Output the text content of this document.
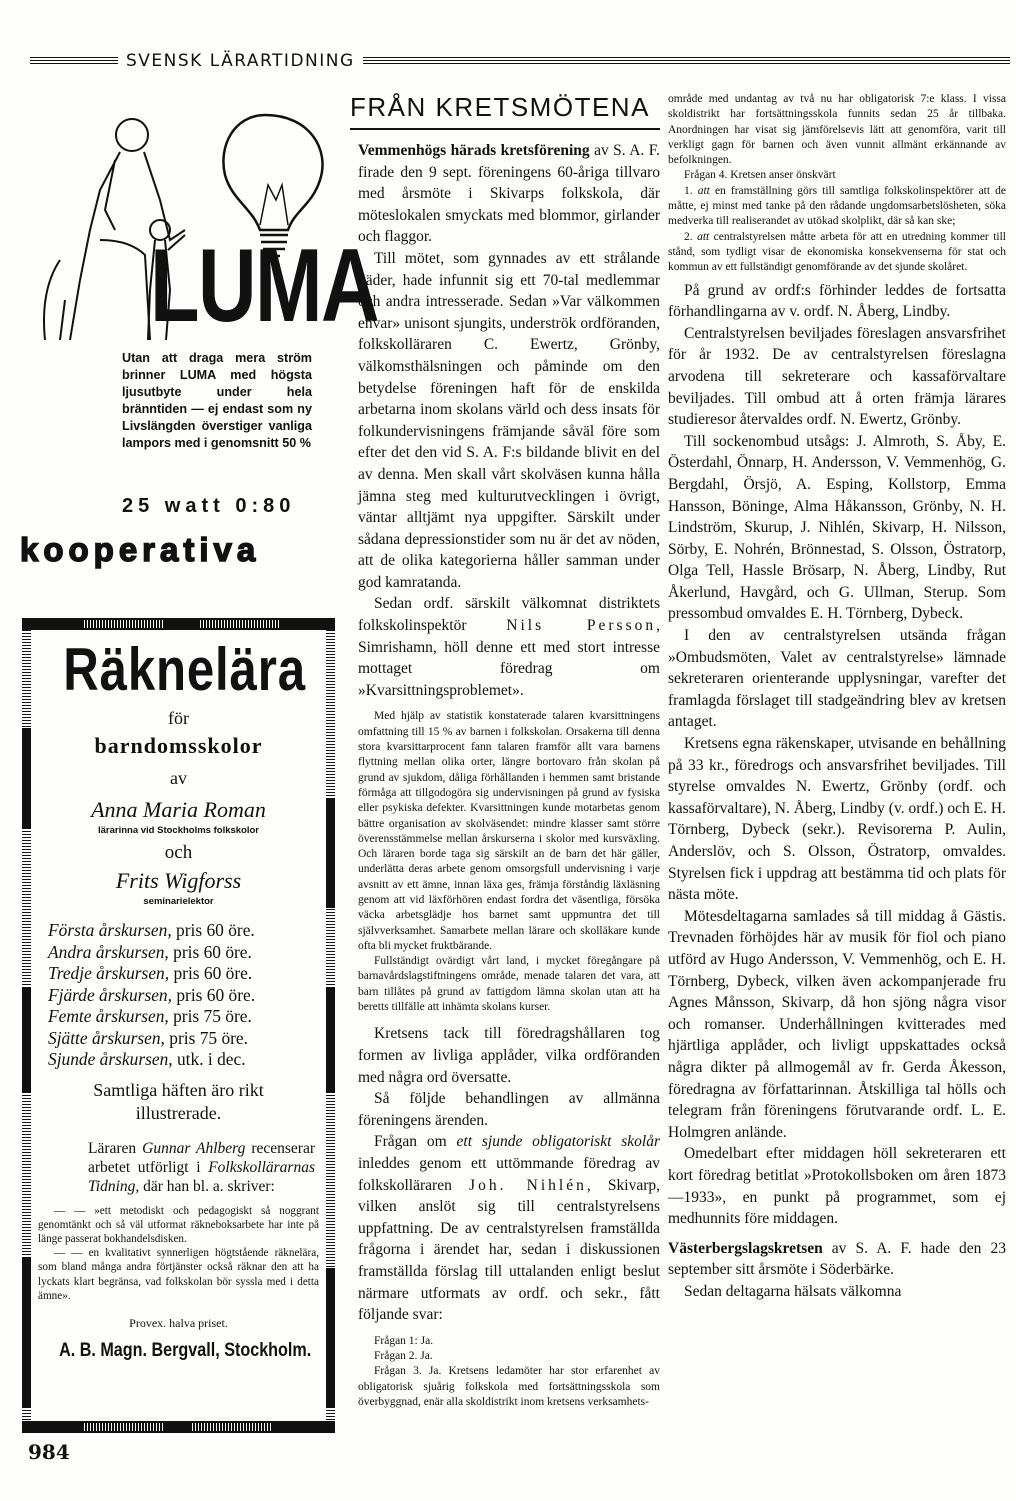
SVENSK LÄRARTIDNING
LUMA
Utan att draga mera ström brinner LUMA med högsta ljusutbyte under hela bränntiden — ej endast som ny Livslängden överstiger vanliga lampors med i genomsnitt 50 %
25 watt 0:80
kooperativa
Räknelära
för
barndomsskolor
av
Anna Maria Roman
lärarinna vid Stockholms folkskolor
och
Frits Wigforss
seminarielektor
Första årskursen, pris 60 öre.
Andra årskursen, pris 60 öre.
Tredje årskursen, pris 60 öre.
Fjärde årskursen, pris 60 öre.
Femte årskursen, pris 75 öre.
Sjätte årskursen, pris 75 öre.
Sjunde årskursen, utk. i dec.
Samtliga häften äro rikt illustrerade.
Läraren Gunnar Ahlberg recenserar arbetet utförligt i Folkskollärarnas Tidning, där han bl. a. skriver:

— — »ett metodiskt och pedagogiskt så noggrant genomtänkt och så väl utformat räkneboksarbete har inte på länge passerat bokhandelsdisken.

— — en kvalitativt synnerligen högtstående räknelära, som bland många andra förtjänster också räknar den att ha lyckats klart begränsa, vad folkskolan bör syssla med i detta ämne».

Provex. halva priset.
A. B. Magn. Bergvall, Stockholm.
984
FRÅN KRETSMÖTENA

Vemmenhögs härads kretsförening av S. A. F. firade den 9 sept. föreningens 60-åriga tillvaro med årsmöte i Skivarps folkskola, där möteslokalen smyckats med blommor, girlander och flaggor.

Till mötet, som gynnades av ett strålande väder, hade infunnit sig ett 70-tal medlemmar och andra intresserade. Sedan »Var välkommen envar» unisont sjungits, underströk ordföranden, folkskolläraren C. Ewertz, Grönby, välkomsthälsningen och påminde om den betydelse föreningen haft för de enskilda arbetarna inom skolans värld och dess insats för folkundervisningens främjande såväl före som efter det den vid S. A. F:s bildande blivit en del av denna. Men skall vårt skolväsen kunna hålla jämna steg med kulturutvecklingen i övrigt, väntar alltjämt nya uppgifter. Särskilt under sådana depressionstider som nu är det av nöden, att de olika kategorierna håller samman under god kamratanda.

Sedan ordf. särskilt välkomnat distriktets folkskolinspektör Nils Persson, Simrishamn, höll denne ett med stort intresse mottaget föredrag om »Kvarsittningsproblemet».

Med hjälp av statistik konstaterade talaren kvarsittningens omfattning till 15 % av barnen i folkskolan. Orsakerna till denna stora kvarsittarprocent fann talaren framför allt vara barnens flyttning mellan olika orter, längre bortovaro från skolan på grund av sjukdom, dåliga förhållanden i hemmen samt bristande förmåga att tillgodogöra sig undervisningen på grund av fysiska eller psykiska defekter. Kvarsittningen kunde motarbetas genom bättre organisation av skolväsendet: mindre klasser samt större överensstämmelse mellan årskurserna i skolor med kursväxling. Och läraren borde taga sig särskilt an de barn det här gäller, underlätta deras arbete genom omsorgsfull undervisning i varje avsnitt av ett ämne, innan läxa ges, främja förståndig läxläsning genom att vid läxförhören endast fordra det väsentliga, försöka väcka arbetsglädje hos barnet samt uppmuntra det till självverksamhet. Samarbete mellan lärare och skolläkare kunde ofta bli mycket fruktbärande.

Fullständigt ovärdigt vårt land, i mycket föregångare på barnavårdslagstiftningens område, menade talaren det vara, att barn tillåtes på grund av fattigdom lämna skolan utan att ha beretts tillfälle att inhämta skolans kurser.

Kretsens tack till föredragshållaren tog formen av livliga applåder, vilka ordföranden med några ord översatte.

Så följde behandlingen av allmänna föreningens ärenden.

Frågan om ett sjunde obligatoriskt skolår inleddes genom ett uttömmande föredrag av folkskolläraren Joh. Nihlén, Skivarp, vilken anslöt sig till centralstyrelsens uppfattning. De av centralstyrelsen framställda frågorna i ärendet har, sedan i diskussionen framställda förslag till uttalanden enligt beslut närmare utformats av ordf. och sekr., fått följande svar:

Frågan 1: Ja.

Frågan 2. Ja.

Frågan 3. Ja. Kretsens ledamöter har stor erfarenhet av obligatorisk sjuårig folkskola med fortsättningsskola som överbyggnad, enär alla skoldistrikt inom kretsens verksamhets-

område med undantag av två nu har obligatorisk 7:e klass. I vissa skoldistrikt har fortsättningsskola funnits sedan 25 år tillbaka. Anordningen har visat sig jämförelsevis lätt att genomföra, varit till verkligt gagn för barnen och även vunnit allmänt erkännande av befolkningen.

Frågan 4. Kretsen anser önskvärt

1. att en framställning görs till samtliga folkskolinspektörer att de måtte, ej minst med tanke på den rådande ungdomsarbetslösheten, söka medverka till realiserandet av utökad skolplikt, där så kan ske;

2. att centralstyrelsen måtte arbeta för att en utredning kommer till stånd, som tydligt visar de ekonomiska konsekvenserna för stat och kommun av ett fullständigt genomförande av det sjunde skolåret.

På grund av ordf:s förhinder leddes de fortsatta förhandlingarna av v. ordf. N. Åberg, Lindby.

Centralstyrelsen beviljades föreslagen ansvarsfrihet för år 1932. De av centralstyrelsen föreslagna arvodena till sekreterare och kassaförvaltare beviljades. Till ombud att å orten främja lärares studieresor återvaldes ordf. N. Ewertz, Grönby.

Till sockenombud utsågs: J. Almroth, S. Åby, E. Österdahl, Önnarp, H. Andersson, V. Vemmenhög, G. Bergdahl, Örsjö, A. Esping, Kollstorp, Emma Hansson, Böninge, Alma Håkansson, Grönby, N. H. Lindström, Skurup, J. Nihlén, Skivarp, H. Nilsson, Sörby, E. Nohrén, Brönnestad, S. Olsson, Östratorp, Olga Tell, Hassle Brösarp, N. Åberg, Lindby, Rut Åkerlund, Havgård, och G. Ullman, Sterup. Som pressombud omvaldes E. H. Törnberg, Dybeck.

I den av centralstyrelsen utsända frågan »Ombudsmöten, Valet av centralstyrelse» lämnade sekreteraren orienterande upplysningar, varefter det framlagda förslaget till stadgeändring blev av kretsen antaget.

Kretsens egna räkenskaper, utvisande en behållning på 33 kr., föredrogs och ansvarsfrihet beviljades. Till styrelse omvaldes N. Ewertz, Grönby (ordf. och kassaförvaltare), N. Åberg, Lindby (v. ordf.) och E. H. Törnberg, Dybeck (sekr.). Revisorerna P. Aulin, Anderslöv, och S. Olsson, Östratorp, omvaldes. Styrelsen fick i uppdrag att bestämma tid och plats för nästa möte.

Mötesdeltagarna samlades så till middag å Gästis. Trevnaden förhöjdes här av musik för fiol och piano utförd av Hugo Andersson, V. Vemmenhög, och E. H. Törnberg, Dybeck, vilken även ackompanjerade fru Agnes Månsson, Skivarp, då hon sjöng några visor och romanser. Underhållningen kvitterades med hjärtliga applåder, och livligt uppskattades också några dikter på allmogemål av fr. Gerda Åkesson, föredragna av författarinnan. Åtskilliga tal hölls och telegram från föreningens förutvarande ordf. L. E. Holmgren anlände.

Omedelbart efter middagen höll sekreteraren ett kort föredrag betitlat »Protokollsboken om åren 1873—1933», en punkt på programmet, som ej medhunnits före middagen.

Västerbergslagskretsen av S. A. F. hade den 23 september sitt årsmöte i Söderbärke.

Sedan deltagarna hälsats välkomna
